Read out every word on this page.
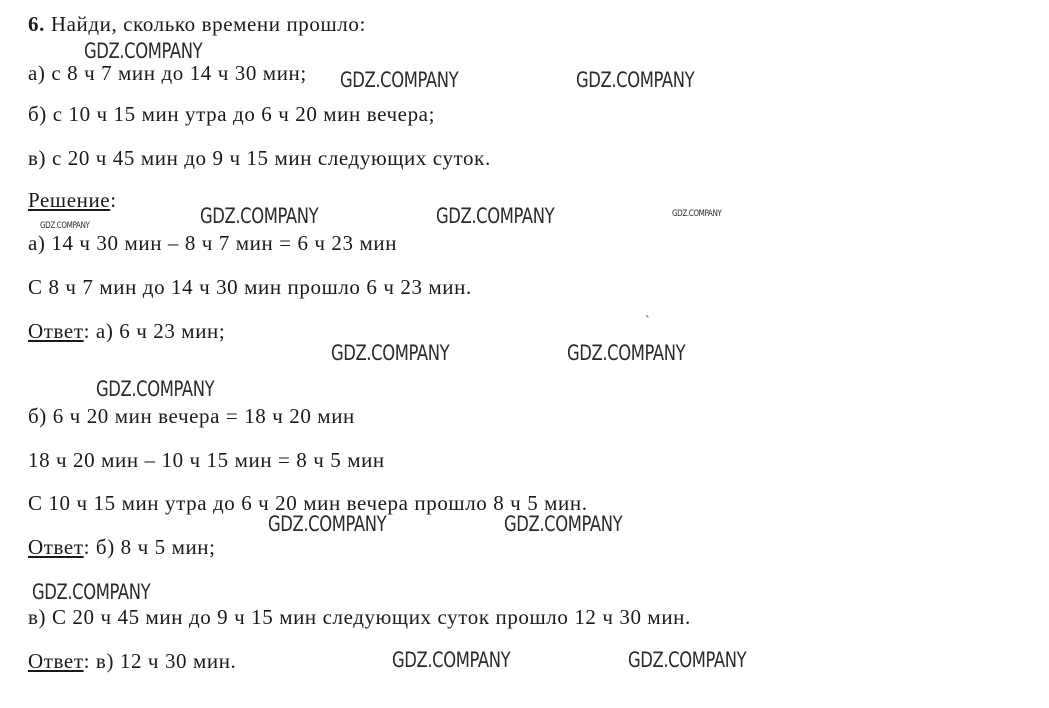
6. Найди, сколько времени прошло:
а) с 8 ч 7 мин до 14 ч 30 мин;
б) с 10 ч 15 мин утра до 6 ч 20 мин вечера;
в) с 20 ч 45 мин до 9 ч 15 мин следующих суток.
Решение:
а) 14 ч 30 мин – 8 ч 7 мин = 6 ч 23 мин
С 8 ч 7 мин до 14 ч 30 мин прошло 6 ч 23 мин.
Ответ: а) 6 ч 23 мин;
б) 6 ч 20 мин вечера = 18 ч 20 мин
18 ч 20 мин – 10 ч 15 мин = 8 ч 5 мин
С 10 ч 15 мин утра до 6 ч 20 мин вечера прошло 8 ч 5 мин.
Ответ: б) 8 ч 5 мин;
в) С 20 ч 45 мин до 9 ч 15 мин следующих суток прошло 12 ч 30 мин.
Ответ: в) 12 ч 30 мин.
GDZ.COMPANY
GDZ.COMPANY	GDZ.COMPANY
GDZ.COMPANY	GDZ.COMPANY	GDZ.COMPANY
GDZ.COMPANY
GDZ.COMPANY	GDZ.COMPANY
GDZ.COMPANY
GDZ.COMPANY	GDZ.COMPANY
GDZ.COMPANY
GDZ.COMPANY	GDZ.COMPANY
ˋ
